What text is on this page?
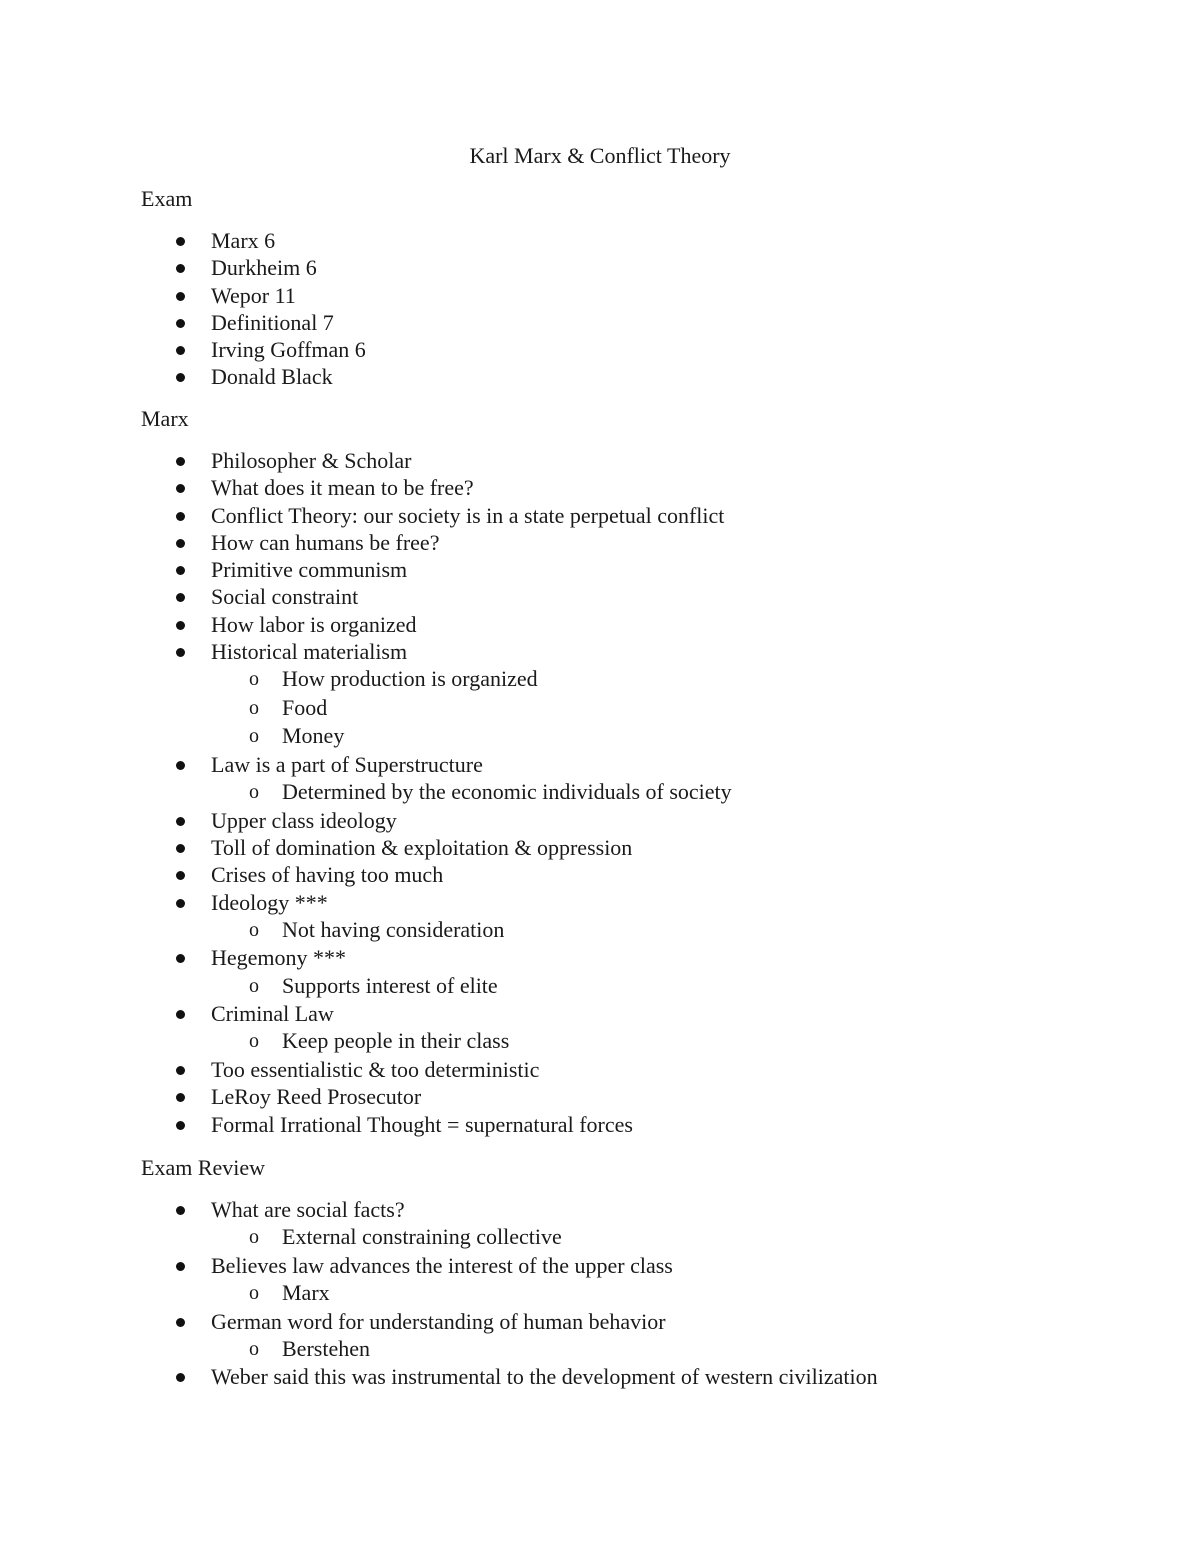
Karl Marx & Conflict Theory
Exam
Marx 6
Durkheim 6
Wepor 11
Definitional 7
Irving Goffman 6
Donald Black
Marx
Philosopher & Scholar
What does it mean to be free?
Conflict Theory: our society is in a state perpetual conflict
How can humans be free?
Primitive communism
Social constraint
How labor is organized
Historical materialism
o How production is organized
o Food
o Money
Law is a part of Superstructure
o Determined by the economic individuals of society
Upper class ideology
Toll of domination & exploitation & oppression
Crises of having too much
Ideology ***
o Not having consideration
Hegemony ***
o Supports interest of elite
Criminal Law
o Keep people in their class
Too essentialistic & too deterministic
LeRoy Reed Prosecutor
Formal Irrational Thought = supernatural forces
Exam Review
What are social facts?
o External constraining collective
Believes law advances the interest of the upper class
o Marx
German word for understanding of human behavior
o Berstehen
Weber said this was instrumental to the development of western civilization
